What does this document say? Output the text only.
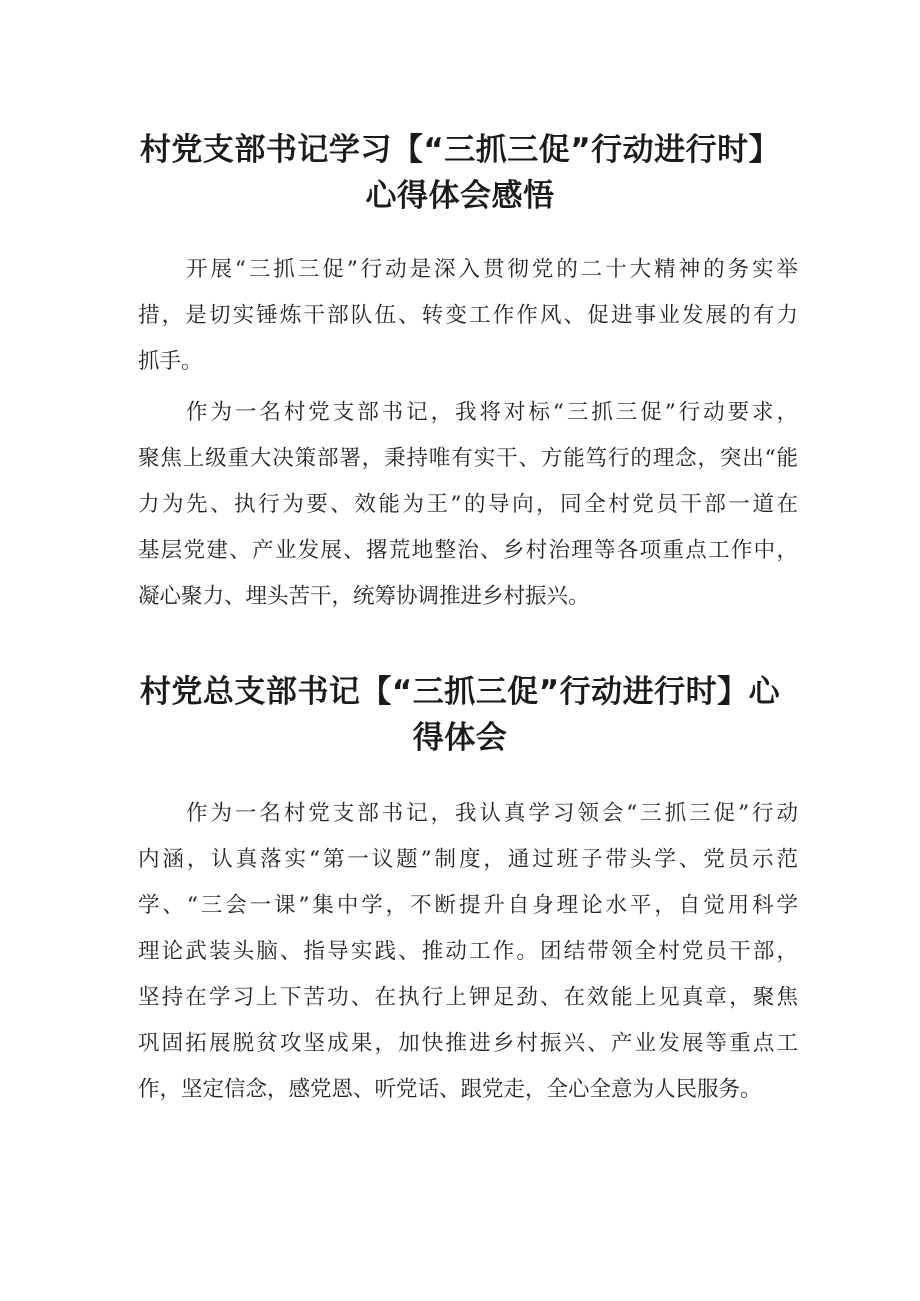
村党支部书记学习【“三抓三促”行动进行时】
心得体会感悟
开展“三抓三促”行动是深入贯彻党的二十大精神的务实举
措，是切实锤炼干部队伍、转变工作作风、促进事业发展的有力
抓手。
作为一名村党支部书记，我将对标“三抓三促”行动要求，
聚焦上级重大决策部署，秉持唯有实干、方能笃行的理念，突出“能
力为先、执行为要、效能为王”的导向，同全村党员干部一道在
基层党建、产业发展、撂荒地整治、乡村治理等各项重点工作中，
凝心聚力、埋头苦干，统筹协调推进乡村振兴。
村党总支部书记【“三抓三促”行动进行时】心
得体会
作为一名村党支部书记，我认真学习领会“三抓三促”行动
内涵，认真落实“第一议题”制度，通过班子带头学、党员示范
学、“三会一课”集中学，不断提升自身理论水平，自觉用科学
理论武装头脑、指导实践、推动工作。团结带领全村党员干部，
坚持在学习上下苦功、在执行上钾足劲、在效能上见真章，聚焦
巩固拓展脱贫攻坚成果，加快推进乡村振兴、产业发展等重点工
作，坚定信念，感党恩、听党话、跟党走，全心全意为人民服务。
